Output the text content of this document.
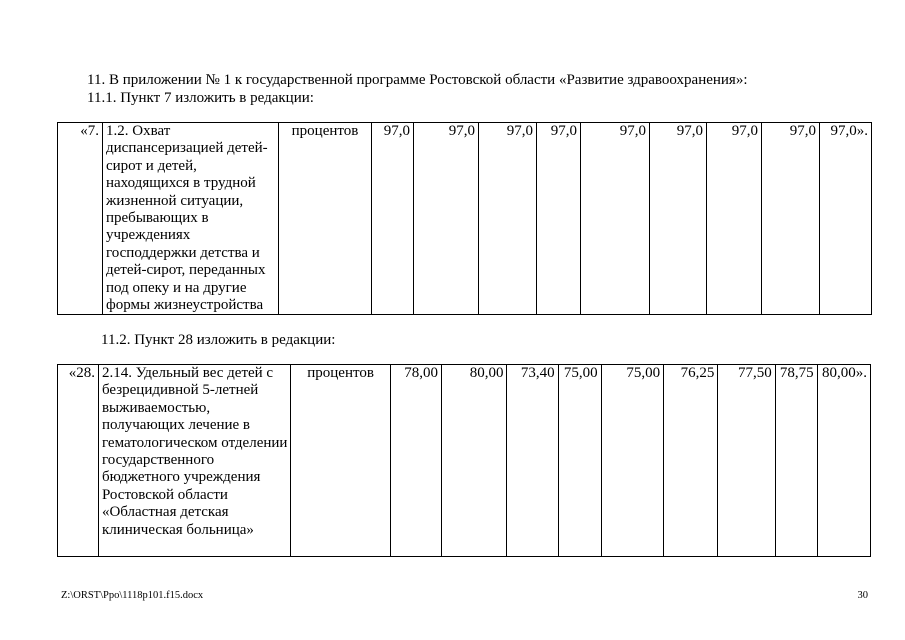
11. В приложении № 1 к государственной программе Ростовской области «Развитие здравоохранения»:
11.1. Пункт 7 изложить в редакции:
«7.	1.2. Охват диспансеризацией детей-сирот и детей, находящихся в трудной жизненной ситуации, пребывающих в учреждениях господдержки детства и детей-сирот, переданных под опеку и на другие формы жизнеустройства	процентов	97,0	97,0	97,0	97,0	97,0	97,0	97,0	97,0	97,0».
11.2. Пункт 28 изложить в редакции:
«28.	2.14. Удельный вес детей с безрецидивной 5-летней выживаемостью, получающих лечение в гематологическом отделении государственного бюджетного учреждения Ростовской области «Областная детская клиническая больница»	процентов	78,00	80,00	73,40	75,00	75,00	76,25	77,50	78,75	80,00».
Z:\ORST\Ppo\1118p101.f15.docx	30
